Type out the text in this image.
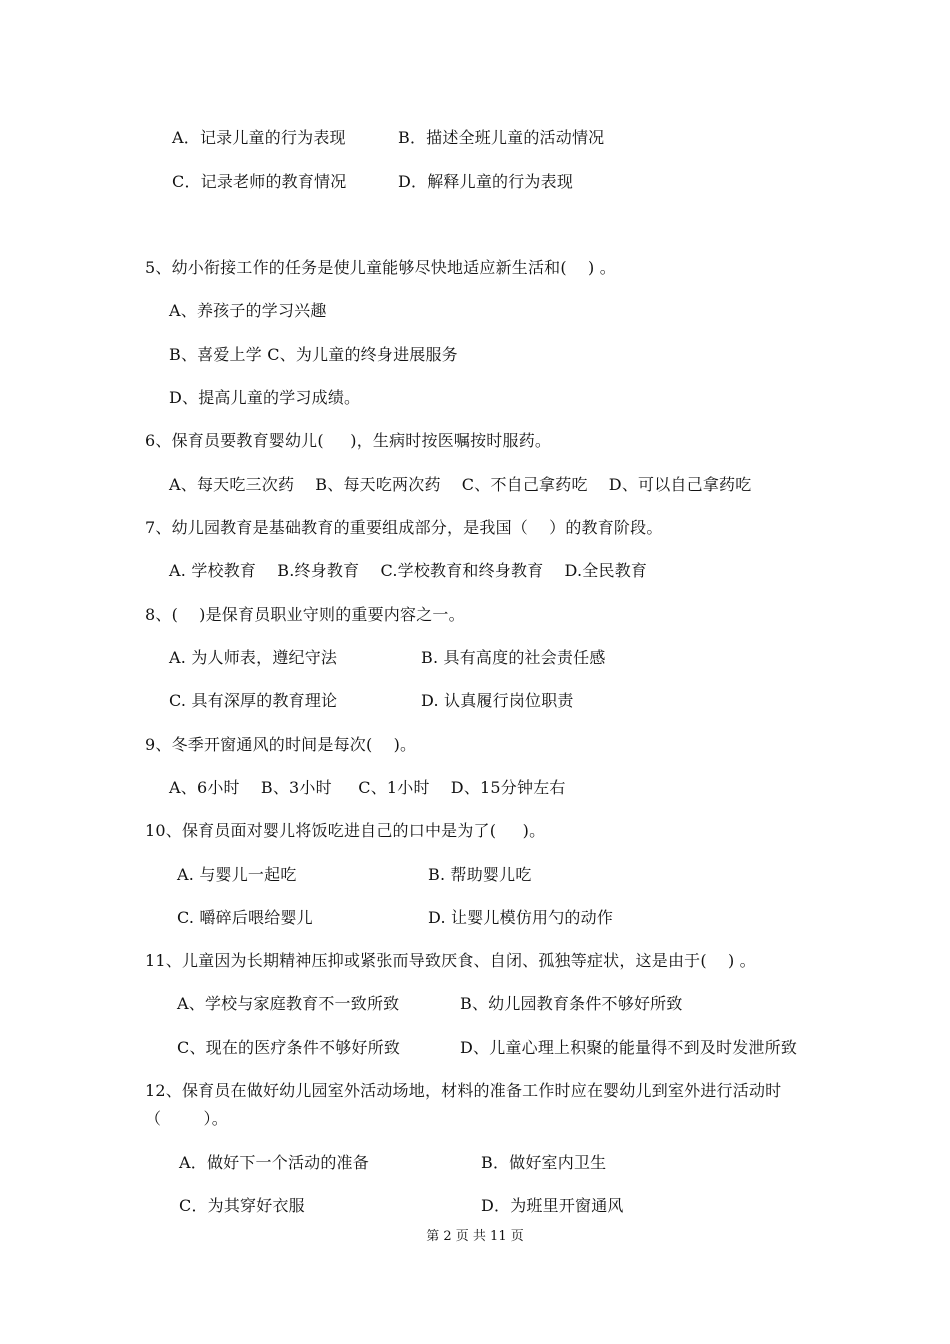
A．记录儿童的行为表现	B．描述全班儿童的活动情况
C．记录老师的教育情况	D．解释儿童的行为表现
5、幼小衔接工作的任务是使儿童能够尽快地适应新生活和(    ) 。
A、养孩子的学习兴趣
B、喜爱上学 C、为儿童的终身进展服务
D、提高儿童的学习成绩。
6、保育员要教育婴幼儿(     )，生病时按医嘱按时服药。
A、每天吃三次药    B、每天吃两次药    C、不自己拿药吃    D、可以自己拿药吃
7、幼儿园教育是基础教育的重要组成部分，是我国（    ）的教育阶段。
A. 学校教育    B.终身教育    C.学校教育和终身教育    D.全民教育
8、(    )是保育员职业守则的重要内容之一。
A. 为人师表，遵纪守法	B. 具有高度的社会责任感
C. 具有深厚的教育理论	D. 认真履行岗位职责
9、冬季开窗通风的时间是每次(    )。
A、6小时    B、3小时     C、1小时    D、15分钟左右
10、保育员面对婴儿将饭吃进自己的口中是为了(     )。
A. 与婴儿一起吃	B. 帮助婴儿吃
C. 嚼碎后喂给婴儿	D. 让婴儿模仿用勺的动作
11、儿童因为长期精神压抑或紧张而导致厌食、自闭、孤独等症状，这是由于(    ) 。
A、学校与家庭教育不一致所致	B、幼儿园教育条件不够好所致
C、现在的医疗条件不够好所致	D、儿童心理上积聚的能量得不到及时发泄所致
12、保育员在做好幼儿园室外活动场地，材料的准备工作时应在婴幼儿到室外进行活动时
（        ）。
A．做好下一个活动的准备	B．做好室内卫生
C．为其穿好衣服	D．为班里开窗通风
第 2 页 共 11 页
